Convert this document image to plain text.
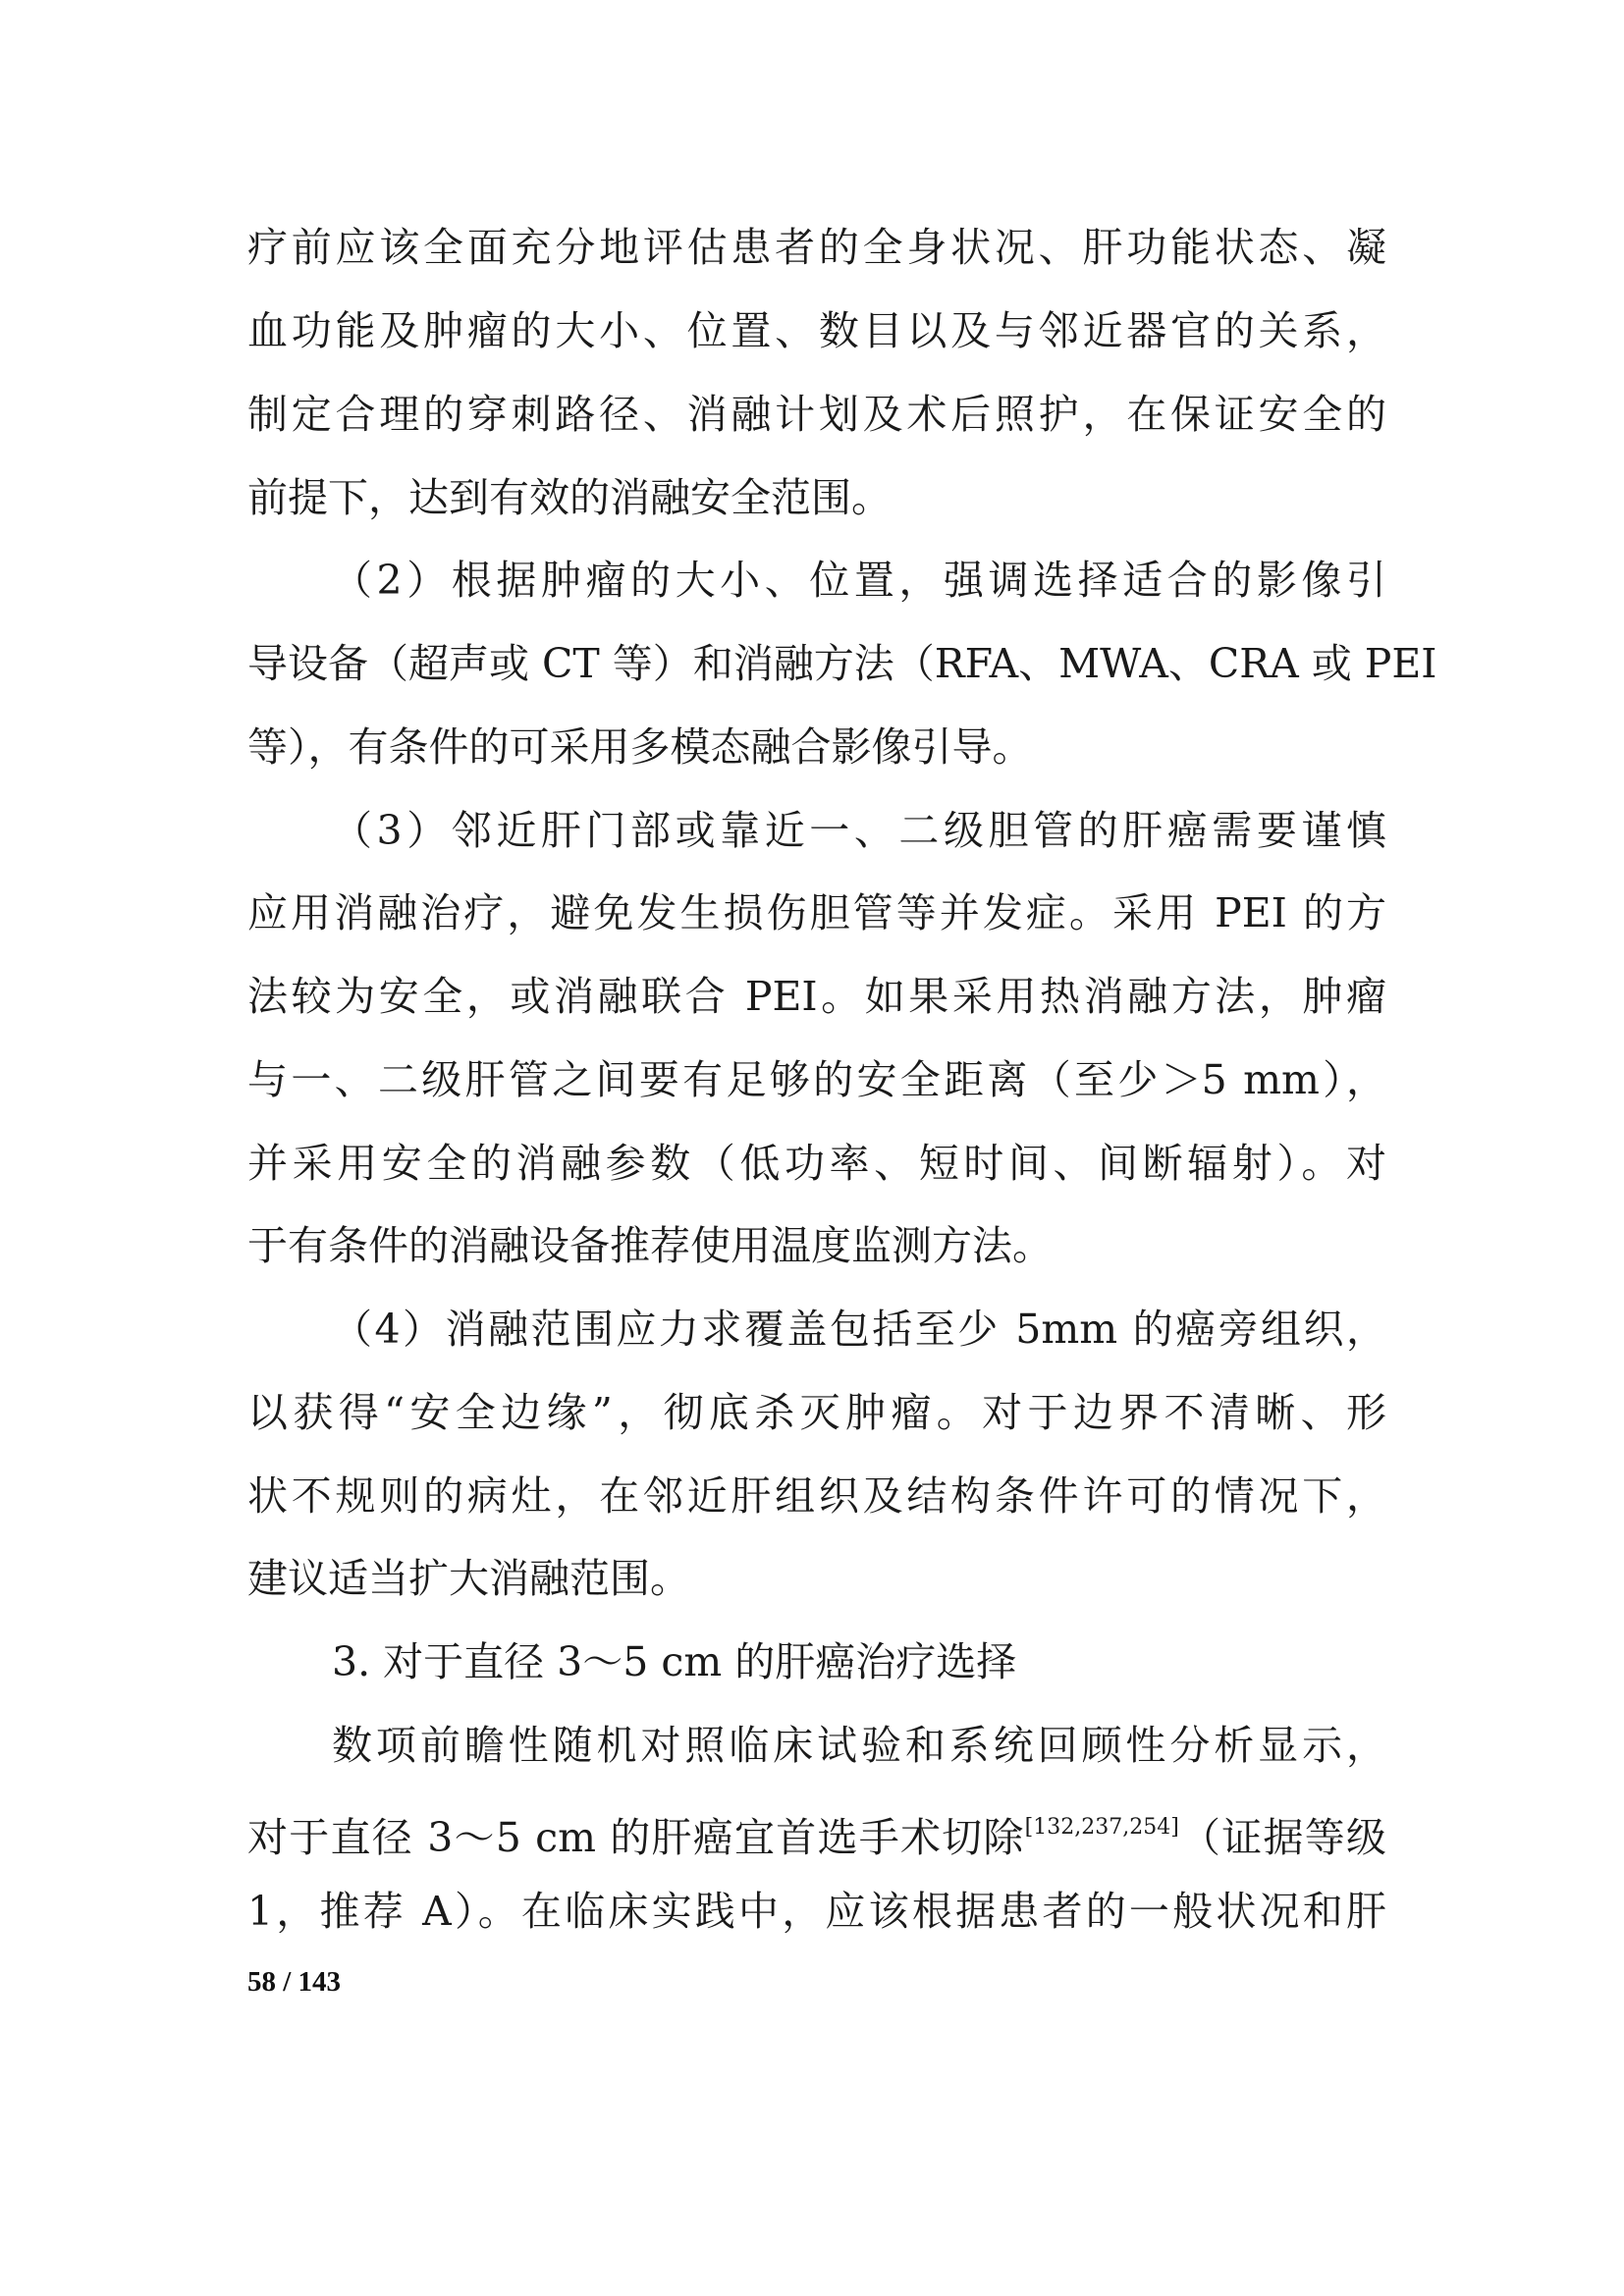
疗前应该全面充分地评估患者的全身状况、肝功能状态、凝
血功能及肿瘤的大小、位置、数目以及与邻近器官的关系，
制定合理的穿刺路径、消融计划及术后照护，在保证安全的
前提下，达到有效的消融安全范围。
（2）根据肿瘤的大小、位置，强调选择适合的影像引
导设备（超声或 CT 等）和消融方法（RFA、MWA、CRA 或 PEI
等），有条件的可采用多模态融合影像引导。
（3）邻近肝门部或靠近一、二级胆管的肝癌需要谨慎
应用消融治疗，避免发生损伤胆管等并发症。采用 PEI 的方
法较为安全，或消融联合 PEI。如果采用热消融方法，肿瘤
与一、二级肝管之间要有足够的安全距离（至少＞5 mm），
并采用安全的消融参数（低功率、短时间、间断辐射）。对
于有条件的消融设备推荐使用温度监测方法。
（4）消融范围应力求覆盖包括至少 5mm 的癌旁组织，
以获得“安全边缘”，彻底杀灭肿瘤。对于边界不清晰、形
状不规则的病灶，在邻近肝组织及结构条件许可的情况下，
建议适当扩大消融范围。
3. 对于直径 3～5 cm 的肝癌治疗选择
数项前瞻性随机对照临床试验和系统回顾性分析显示，
对于直径 3～5 cm 的肝癌宜首选手术切除[132,237,254]（证据等级
1，推荐 A）。在临床实践中，应该根据患者的一般状况和肝
58 / 143
